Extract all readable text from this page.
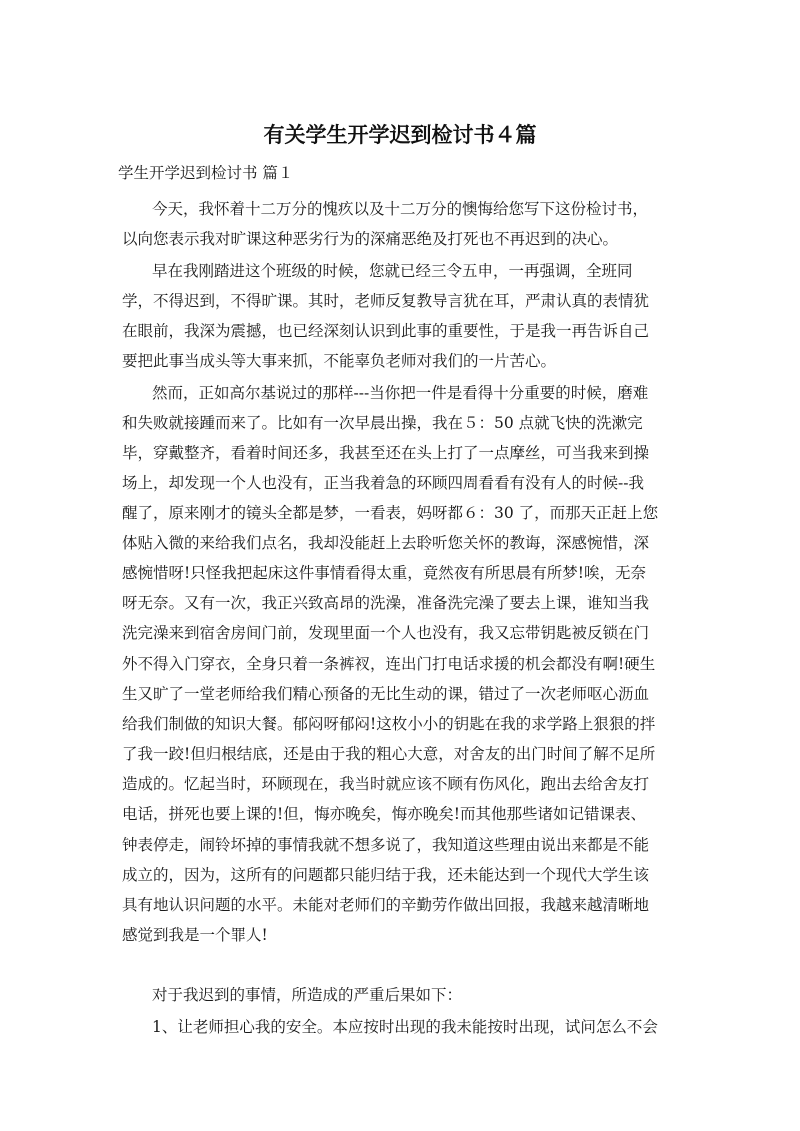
有关学生开学迟到检讨书４篇

学生开学迟到检讨书 篇１

今天，我怀着十二万分的愧疚以及十二万分的懊悔给您写下这份检讨书，

以向您表示我对旷课这种恶劣行为的深痛恶绝及打死也不再迟到的决心。

早在我刚踏进这个班级的时候，您就已经三令五申，一再强调，全班同

学，不得迟到，不得旷课。其时，老师反复教导言犹在耳，严肃认真的表情犹

在眼前，我深为震撼，也已经深刻认识到此事的重要性，于是我一再告诉自己

要把此事当成头等大事来抓，不能辜负老师对我们的一片苦心。

然而，正如高尔基说过的那样---当你把一件是看得十分重要的时候，磨难

和失败就接踵而来了。比如有一次早晨出操，我在５：50 点就飞快的洗漱完

毕，穿戴整齐，看着时间还多，我甚至还在头上打了一点摩丝，可当我来到操

场上，却发现一个人也没有，正当我着急的环顾四周看看有没有人的时候--我

醒了，原来刚才的镜头全都是梦，一看表，妈呀都６：30 了，而那天正赶上您

体贴入微的来给我们点名，我却没能赶上去聆听您关怀的教诲，深感惋惜，深

感惋惜呀!只怪我把起床这件事情看得太重，竟然夜有所思晨有所梦!唉，无奈

呀无奈。又有一次，我正兴致高昂的洗澡，准备洗完澡了要去上课，谁知当我

洗完澡来到宿舍房间门前，发现里面一个人也没有，我又忘带钥匙被反锁在门

外不得入门穿衣，全身只着一条裤衩，连出门打电话求援的机会都没有啊!硬生

生又旷了一堂老师给我们精心预备的无比生动的课，错过了一次老师呕心沥血

给我们制做的知识大餐。郁闷呀郁闷!这枚小小的钥匙在我的求学路上狠狠的拌

了我一跤!但归根结底，还是由于我的粗心大意，对舍友的出门时间了解不足所

造成的。忆起当时，环顾现在，我当时就应该不顾有伤风化，跑出去给舍友打

电话，拼死也要上课的!但，悔亦晚矣，悔亦晚矣!而其他那些诸如记错课表、

钟表停走，闹铃坏掉的事情我就不想多说了，我知道这些理由说出来都是不能

成立的，因为，这所有的问题都只能归结于我，还未能达到一个现代大学生该

具有地认识问题的水平。未能对老师们的辛勤劳作做出回报，我越来越清晰地

感觉到我是一个罪人!

对于我迟到的事情，所造成的严重后果如下：

1、让老师担心我的安全。本应按时出现的我未能按时出现，试问怎么不会
